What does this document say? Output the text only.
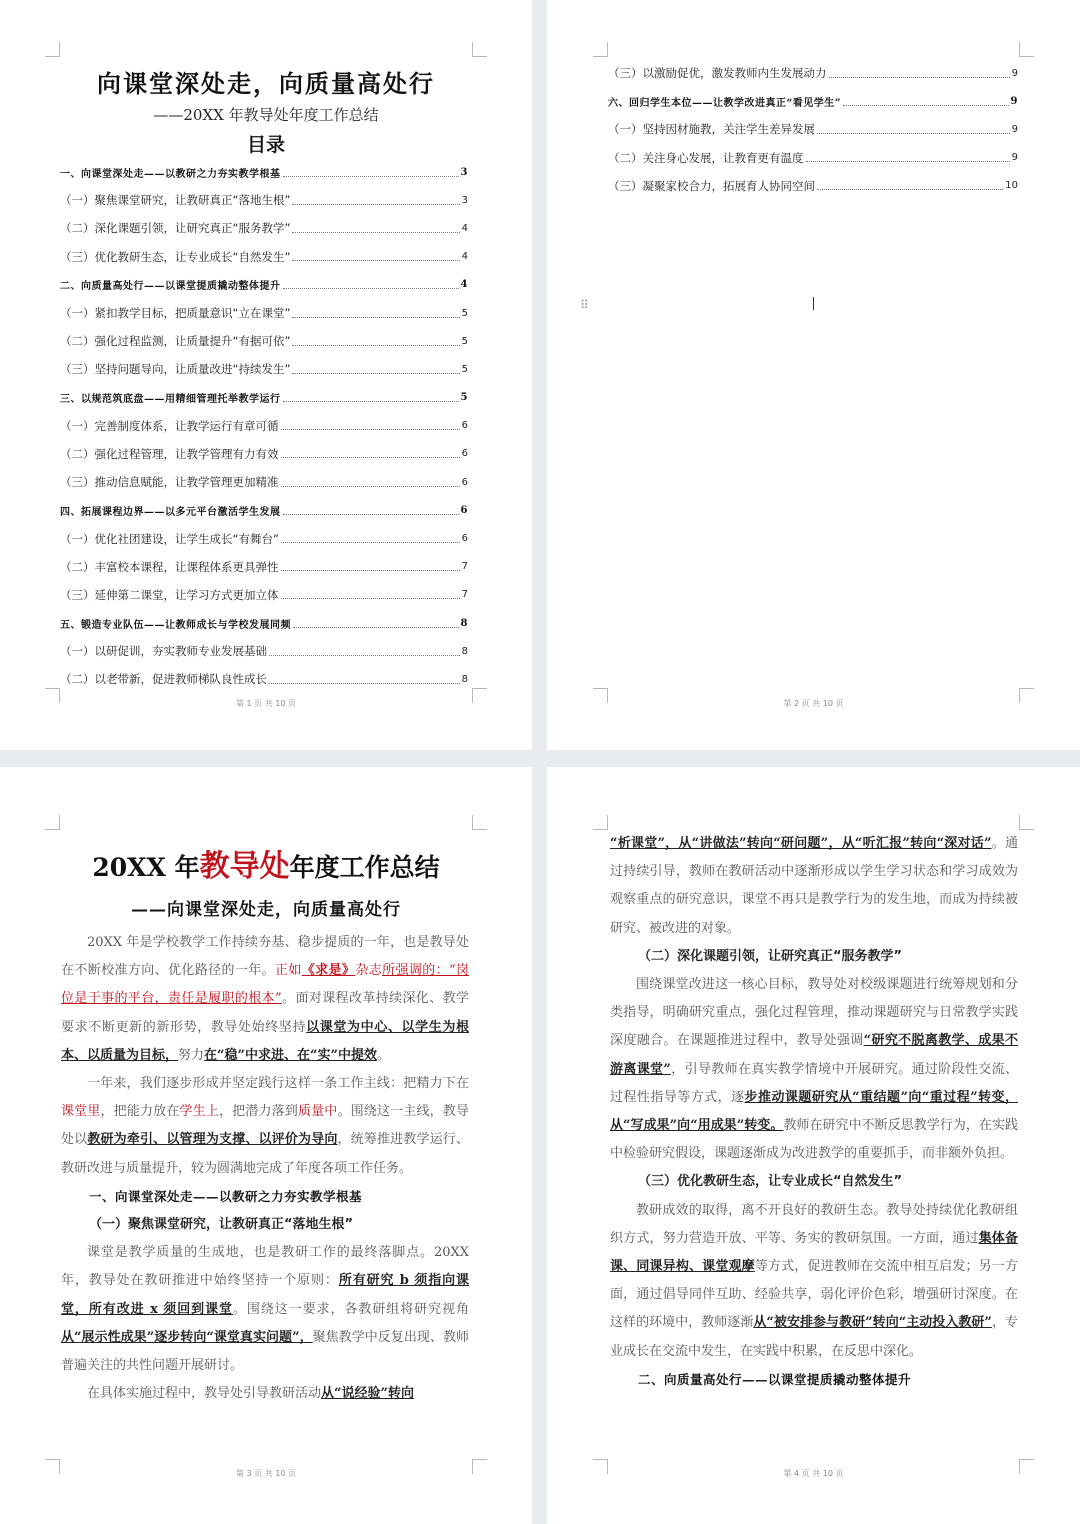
向课堂深处走，向质量高处行
——20XX 年教导处年度工作总结
目录
一、向课堂深处走——以教研之力夯实教学根基	3
（一）聚焦课堂研究，让教研真正“落地生根”	3
（二）深化课题引领，让研究真正“服务教学”	4
（三）优化教研生态，让专业成长“自然发生”	4
二、向质量高处行——以课堂提质撬动整体提升	4
（一）紧扣教学目标，把质量意识“立在课堂”	5
（二）强化过程监测，让质量提升“有据可依”	5
（三）坚持问题导向，让质量改进“持续发生”	5
三、以规范筑底盘——用精细管理托举教学运行	5
（一）完善制度体系，让教学运行有章可循	6
（二）强化过程管理，让教学管理有力有效	6
（三）推动信息赋能，让教学管理更加精准	6
四、拓展课程边界——以多元平台激活学生发展	6
（一）优化社团建设，让学生成长“有舞台”	6
（二）丰富校本课程，让课程体系更具弹性	7
（三）延伸第二课堂，让学习方式更加立体	7
五、锻造专业队伍——让教师成长与学校发展同频	8
（一）以研促训，夯实教师专业发展基础	8
（二）以老带新，促进教师梯队良性成长	8
第 1 页 共 10 页
（三）以激励促优，激发教师内生发展动力	9
六、回归学生本位——让教学改进真正“看见学生”	9
（一）坚持因材施教，关注学生差异发展	9
（二）关注身心发展，让教育更有温度	9
（三）凝聚家校合力，拓展育人协同空间	10
⠿
第 2 页 共 10 页
20XX 年教导处年度工作总结
——向课堂深处走，向质量高处行

20XX 年是学校教学工作持续夯基、稳步提质的一年，也是教导处在不断校准方向、优化路径的一年。正如《求是》杂志所强调的：“岗位是干事的平台，责任是履职的根本”。面对课程改革持续深化、教学要求不断更新的新形势，教导处始终坚持以课堂为中心、以学生为根本、以质量为目标，努力在“稳”中求进、在“实”中提效。

一年来，我们逐步形成并坚定践行这样一条工作主线：把精力下在课堂里，把能力放在学生上，把潜力落到质量中。围绕这一主线，教导处以教研为牵引、以管理为支撑、以评价为导向，统筹推进教学运行、教研改进与质量提升，较为圆满地完成了年度各项工作任务。

一、向课堂深处走——以教研之力夯实教学根基

（一）聚焦课堂研究，让教研真正“落地生根”

课堂是教学质量的生成地，也是教研工作的最终落脚点。20XX 年，教导处在教研推进中始终坚持一个原则：所有研究 b 须指向课堂，所有改进 x 须回到课堂。围绕这一要求，各教研组将研究视角从“展示性成果”逐步转向“课堂真实问题”，聚焦教学中反复出现、教师普遍关注的共性问题开展研讨。

在具体实施过程中，教导处引导教研活动从“说经验”转向

第 3 页 共 10 页

“析课堂”，从“讲做法”转向“研问题”，从“听汇报”转向“深对话”。通过持续引导，教师在教研活动中逐渐形成以学生学习状态和学习成效为观察重点的研究意识，课堂不再只是教学行为的发生地，而成为持续被研究、被改进的对象。

（二）深化课题引领，让研究真正“服务教学”

围绕课堂改进这一核心目标，教导处对校级课题进行统筹规划和分类指导，明确研究重点，强化过程管理，推动课题研究与日常教学实践深度融合。在课题推进过程中，教导处强调“研究不脱离教学、成果不游离课堂”，引导教师在真实教学情境中开展研究。通过阶段性交流、过程性指导等方式，逐步推动课题研究从“重结题”向“重过程”转变，从“写成果”向“用成果”转变。教师在研究中不断反思教学行为，在实践中检验研究假设，课题逐渐成为改进教学的重要抓手，而非额外负担。

（三）优化教研生态，让专业成长“自然发生”

教研成效的取得，离不开良好的教研生态。教导处持续优化教研组织方式，努力营造开放、平等、务实的教研氛围。一方面，通过集体备课、同课异构、课堂观摩等方式，促进教师在交流中相互启发；另一方面，通过倡导同伴互助、经验共享，弱化评价色彩，增强研讨深度。在这样的环境中，教师逐渐从“被安排参与教研”转向“主动投入教研”，专业成长在交流中发生，在实践中积累，在反思中深化。

二、向质量高处行——以课堂提质撬动整体提升

第 4 页 共 10 页
